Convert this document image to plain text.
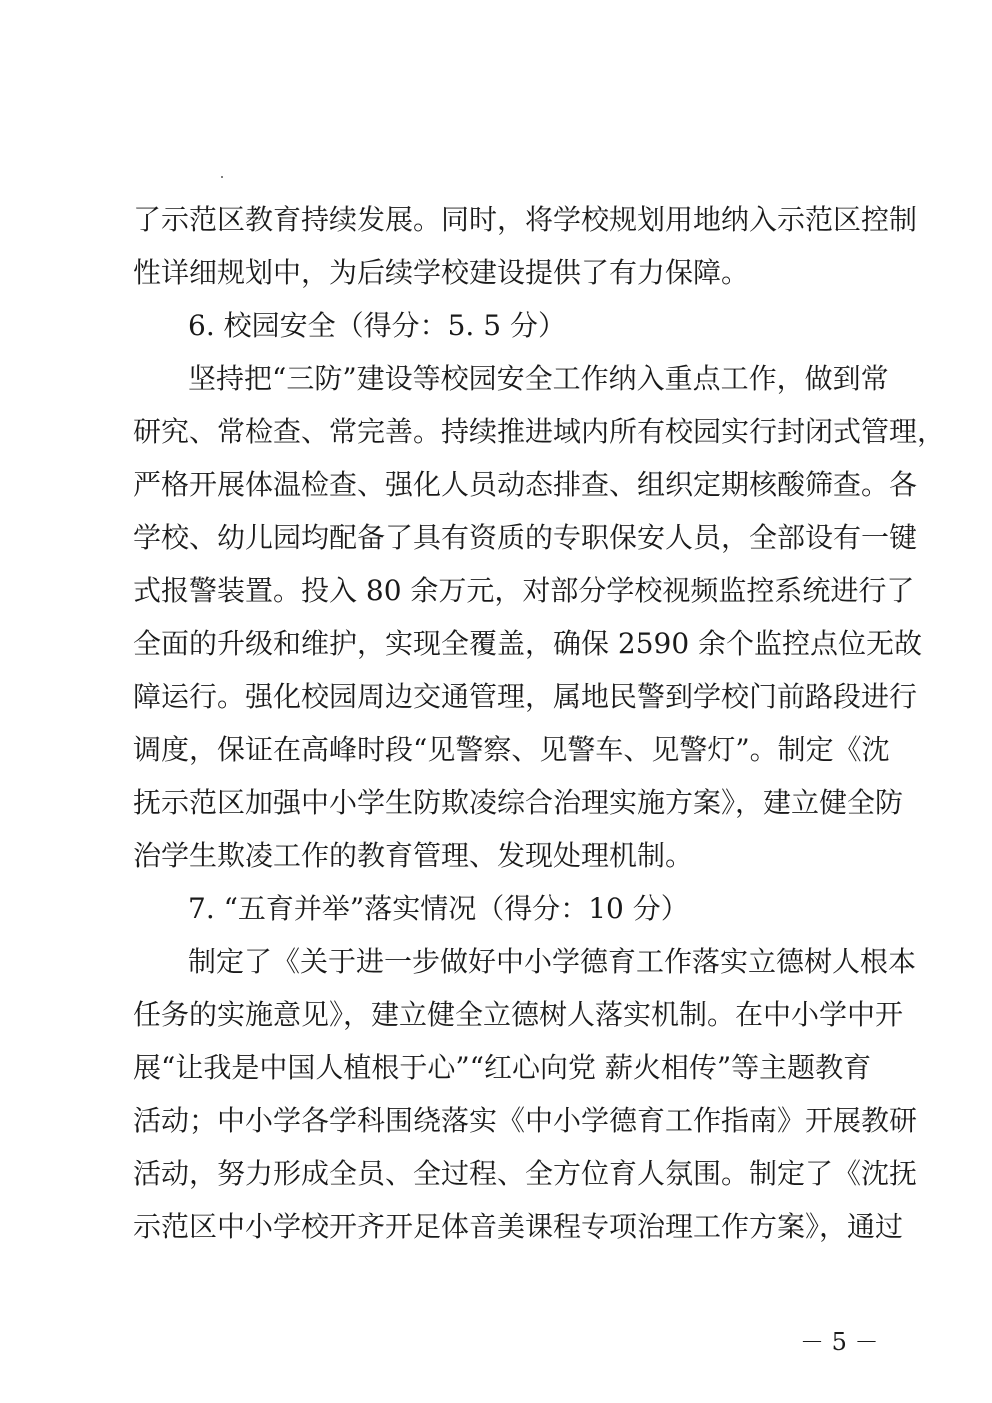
了示范区教育持续发展。同时，将学校规划用地纳入示范区控制
性详细规划中，为后续学校建设提供了有力保障。
6. 校园安全（得分：5. 5 分）
坚持把“三防”建设等校园安全工作纳入重点工作，做到常
研究、常检查、常完善。持续推进域内所有校园实行封闭式管理，
严格开展体温检查、强化人员动态排查、组织定期核酸筛查。各
学校、幼儿园均配备了具有资质的专职保安人员，全部设有一键
式报警装置。投入 80 余万元，对部分学校视频监控系统进行了
全面的升级和维护，实现全覆盖，确保 2590 余个监控点位无故
障运行。强化校园周边交通管理，属地民警到学校门前路段进行
调度，保证在高峰时段“见警察、见警车、见警灯”。制定《沈
抚示范区加强中小学生防欺凌综合治理实施方案》，建立健全防
治学生欺凌工作的教育管理、发现处理机制。
7. “五育并举”落实情况（得分：10 分）
制定了《关于进一步做好中小学德育工作落实立德树人根本
任务的实施意见》，建立健全立德树人落实机制。在中小学中开
展“让我是中国人植根于心”“红心向党 薪火相传”等主题教育
活动；中小学各学科围绕落实《中小学德育工作指南》开展教研
活动，努力形成全员、全过程、全方位育人氛围。制定了《沈抚
示范区中小学校开齐开足体音美课程专项治理工作方案》，通过
－ 5 －
